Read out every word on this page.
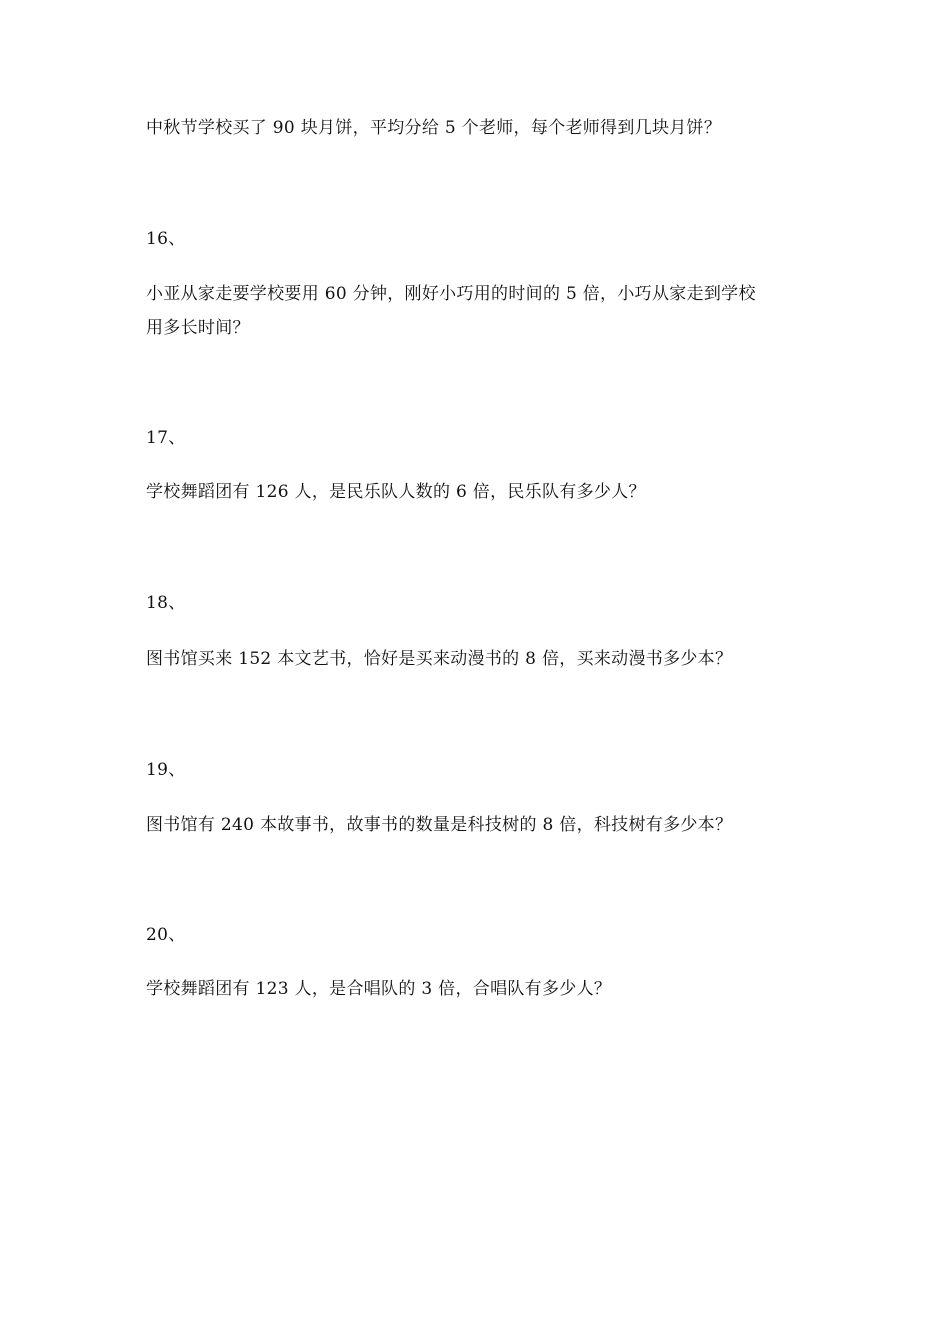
中秋节学校买了 90 块月饼，平均分给 5 个老师，每个老师得到几块月饼？
16、
小亚从家走要学校要用 60 分钟，刚好小巧用的时间的 5 倍，小巧从家走到学校
用多长时间？
17、
学校舞蹈团有 126 人，是民乐队人数的 6 倍，民乐队有多少人？
18、
图书馆买来 152 本文艺书，恰好是买来动漫书的 8 倍，买来动漫书多少本？
19、
图书馆有 240 本故事书，故事书的数量是科技树的 8 倍，科技树有多少本？
20、
学校舞蹈团有 123 人，是合唱队的 3 倍，合唱队有多少人？
